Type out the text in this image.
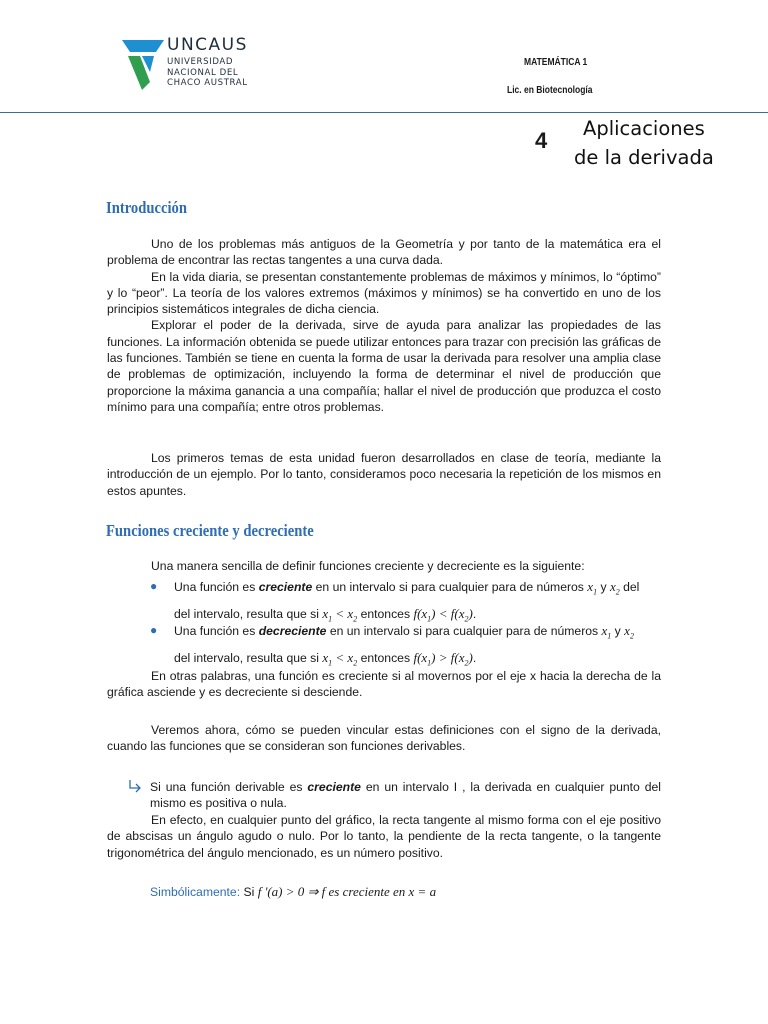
UNCAUS
UNIVERSIDAD
NACIONAL DEL
CHACO AUSTRAL
MATEMÁTICA 1
Lic. en Biotecnología
4	Aplicaciones
de la derivada
Introducción

Uno de los problemas más antiguos de la Geometría y por tanto de la matemática era el problema de encontrar las rectas tangentes a una curva dada.

En la vida diaria, se presentan constantemente problemas de máximos y mínimos, lo “óptimo” y lo “peor”. La teoría de los valores extremos (máximos y mínimos) se ha convertido en uno de los principios sistemáticos integrales de dicha ciencia.

Explorar el poder de la derivada, sirve de ayuda para analizar las propiedades de las funciones. La información obtenida se puede utilizar entonces para trazar con precisión las gráficas de las funciones. También se tiene en cuenta la forma de usar la derivada para resolver una amplia clase de problemas de optimización, incluyendo la forma de determinar el nivel de producción que proporcione la máxima ganancia a una compañía; hallar el nivel de producción que produzca el costo mínimo para una compañía; entre otros problemas.

Los primeros temas de esta unidad fueron desarrollados en clase de teoría, mediante la introducción de un ejemplo. Por lo tanto, consideramos poco necesaria la repetición de los mismos en estos apuntes.

Funciones creciente y decreciente

Una manera sencilla de definir funciones creciente y decreciente es la siguiente:

● Una función es creciente en un intervalo si para cualquier para de números $x_1$ y $x_2$ del
del intervalo, resulta que si $x_1 < x_2$ entonces $f(x_1) < f(x_2)$.
● Una función es decreciente en un intervalo si para cualquier para de números $x_1$ y $x_2$
del intervalo, resulta que si $x_1 < x_2$ entonces $f(x_1) > f(x_2)$.

En otras palabras, una función es creciente si al movernos por el eje x hacia la derecha de la gráfica asciende y es decreciente si desciende.

Veremos ahora, cómo se pueden vincular estas definiciones con el signo de la derivada, cuando las funciones que se consideran son funciones derivables.

Si una función derivable es creciente en un intervalo I , la derivada en cualquier punto del mismo es positiva o nula.

En efecto, en cualquier punto del gráfico, la recta tangente al mismo forma con el eje positivo de abscisas un ángulo agudo o nulo. Por lo tanto, la pendiente de la recta tangente, o la tangente trigonométrica del ángulo mencionado, es un número positivo.

Simbólicamente: Si f '(a) > 0 ⇒ f es creciente en x = a
